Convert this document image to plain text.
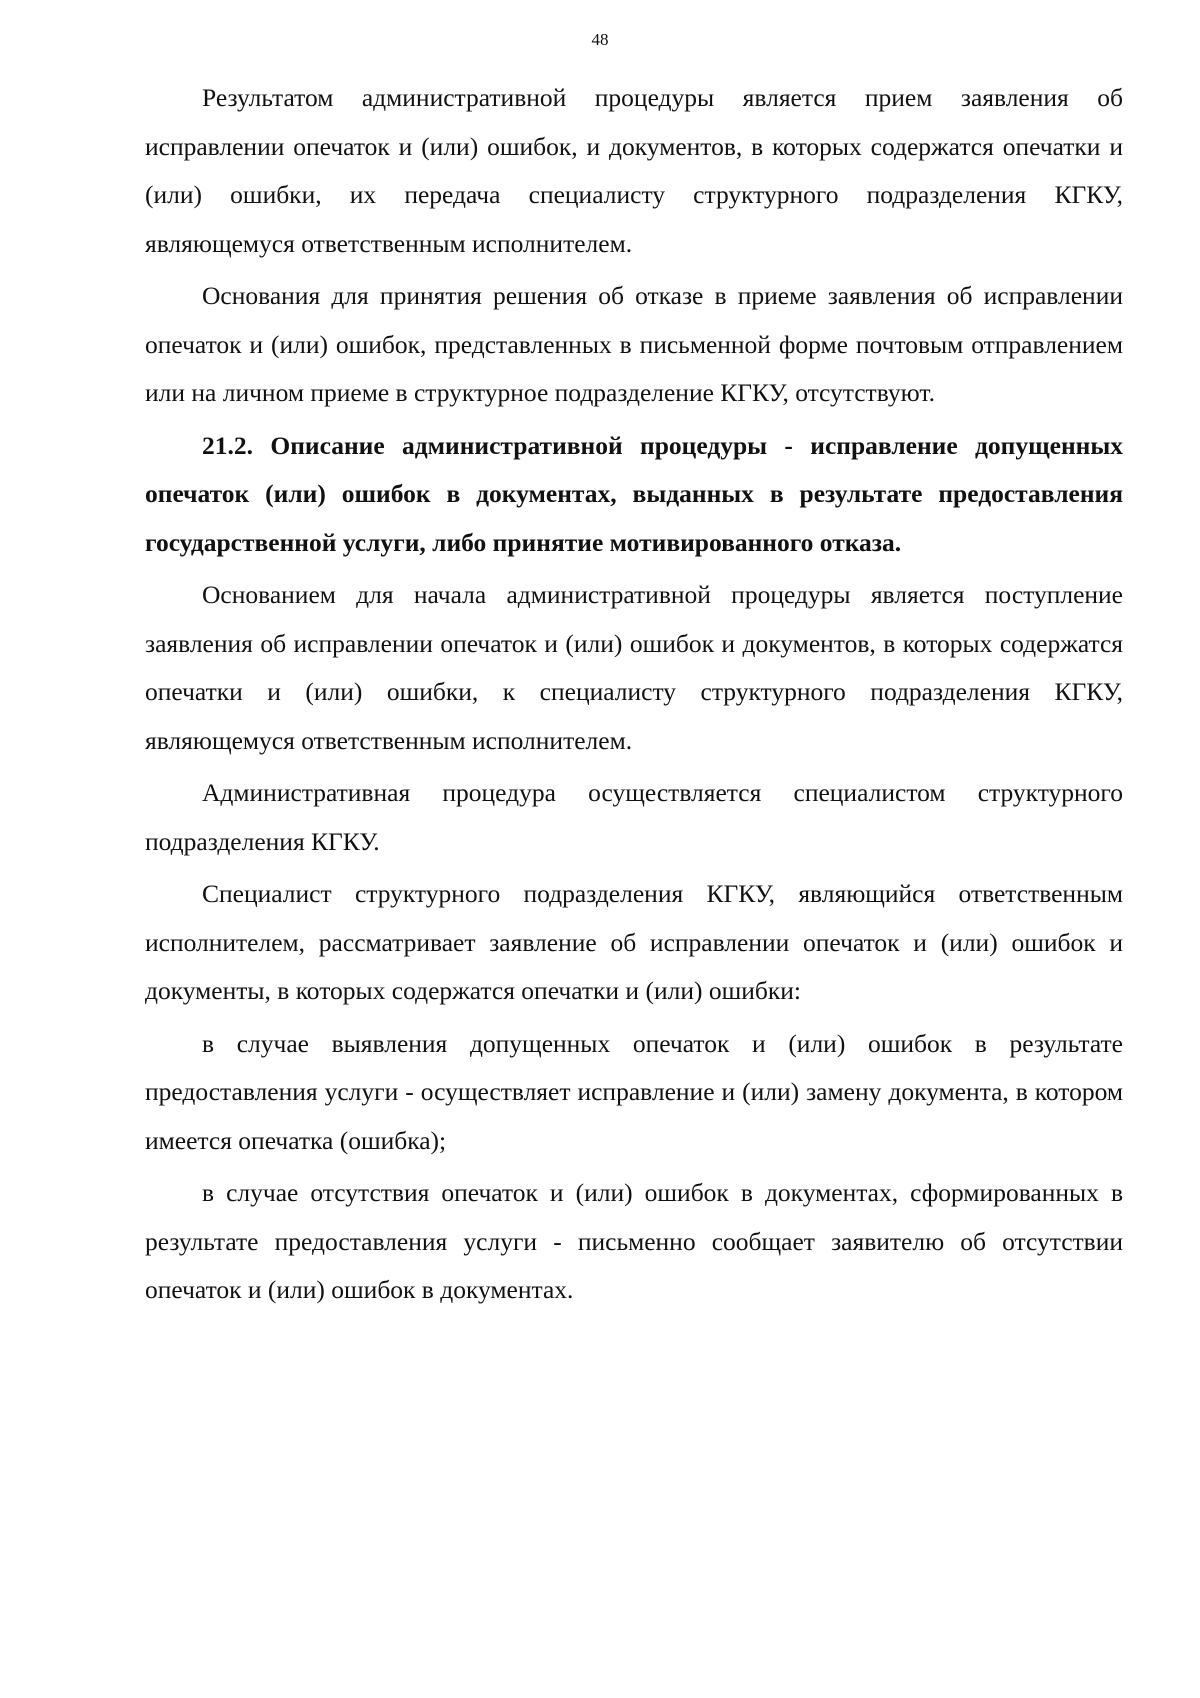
48

Результатом административной процедуры является прием заявления об исправлении опечаток и (или) ошибок, и документов, в которых содержатся опечатки и (или) ошибки, их передача специалисту структурного подразделения КГКУ, являющемуся ответственным исполнителем.

Основания для принятия решения об отказе в приеме заявления об исправлении опечаток и (или) ошибок, представленных в письменной форме почтовым отправлением или на личном приеме в структурное подразделение КГКУ, отсутствуют.

21.2. Описание административной процедуры - исправление допущенных опечаток (или) ошибок в документах, выданных в результате предоставления государственной услуги, либо принятие мотивированного отказа.

Основанием для начала административной процедуры является поступление заявления об исправлении опечаток и (или) ошибок и документов, в которых содержатся опечатки и (или) ошибки, к специалисту структурного подразделения КГКУ, являющемуся ответственным исполнителем.

Административная процедура осуществляется специалистом структурного подразделения КГКУ.

Специалист структурного подразделения КГКУ, являющийся ответственным исполнителем, рассматривает заявление об исправлении опечаток и (или) ошибок и документы, в которых содержатся опечатки и (или) ошибки:

в случае выявления допущенных опечаток и (или) ошибок в результате предоставления услуги - осуществляет исправление и (или) замену документа, в котором имеется опечатка (ошибка);

в случае отсутствия опечаток и (или) ошибок в документах, сформированных в результате предоставления услуги - письменно сообщает заявителю об отсутствии опечаток и (или) ошибок в документах.
